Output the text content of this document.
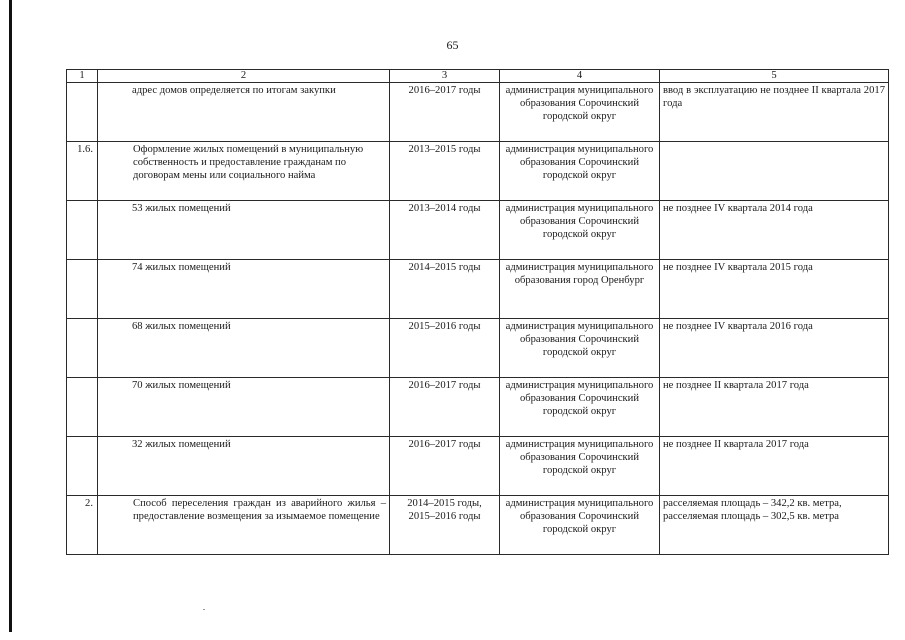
65
1	2	3	4	5
	адрес домов определяется по итогам закупки	2016–2017 годы	администрация муниципального образования Сорочинский городской округ	ввод в эксплуатацию не позднее II квартала 2017 года
1.6.	Оформление жилых помещений в муниципальную собственность и предоставление гражданам по договорам мены или социального найма	2013–2015 годы	администрация муниципального образования Сорочинский городской округ	
	53 жилых помещений	2013–2014 годы	администрация муниципального образования Сорочинский городской округ	не позднее IV квартала 2014 года
	74 жилых помещений	2014–2015 годы	администрация муниципального образования город Оренбург	не позднее IV квартала 2015 года
	68 жилых помещений	2015–2016 годы	администрация муниципального образования Сорочинский городской округ	не позднее IV квартала 2016 года
	70 жилых помещений	2016–2017 годы	администрация муниципального образования Сорочинский городской округ	не позднее II квартала 2017 года
	32 жилых помещений	2016–2017 годы	администрация муниципального образования Сорочинский городской округ	не позднее II квартала 2017 года
2.	Способ переселения граждан из аварийного жилья – предоставление возмещения за изымаемое помещение	2014–2015 годы, 2015–2016 годы	администрация муниципального образования Сорочинский городской округ	расселяемая площадь – 342,2 кв. метра, расселяемая площадь – 302,5 кв. метра
